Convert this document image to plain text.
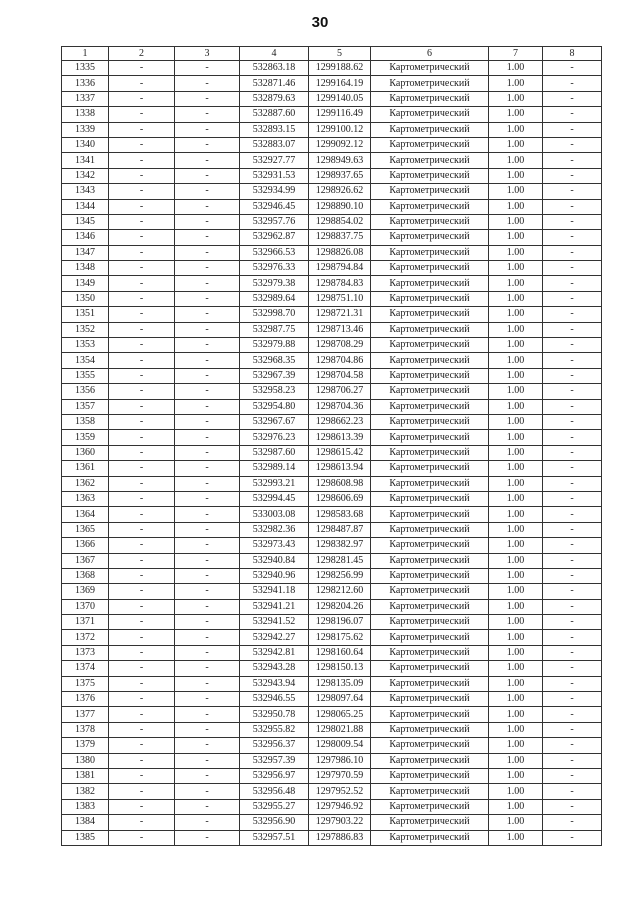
30
1	2	3	4	5	6	7	8
1335	-	-	532863.18	1299188.62	Картометрический	1.00	-
1336	-	-	532871.46	1299164.19	Картометрический	1.00	-
1337	-	-	532879.63	1299140.05	Картометрический	1.00	-
1338	-	-	532887.60	1299116.49	Картометрический	1.00	-
1339	-	-	532893.15	1299100.12	Картометрический	1.00	-
1340	-	-	532883.07	1299092.12	Картометрический	1.00	-
1341	-	-	532927.77	1298949.63	Картометрический	1.00	-
1342	-	-	532931.53	1298937.65	Картометрический	1.00	-
1343	-	-	532934.99	1298926.62	Картометрический	1.00	-
1344	-	-	532946.45	1298890.10	Картометрический	1.00	-
1345	-	-	532957.76	1298854.02	Картометрический	1.00	-
1346	-	-	532962.87	1298837.75	Картометрический	1.00	-
1347	-	-	532966.53	1298826.08	Картометрический	1.00	-
1348	-	-	532976.33	1298794.84	Картометрический	1.00	-
1349	-	-	532979.38	1298784.83	Картометрический	1.00	-
1350	-	-	532989.64	1298751.10	Картометрический	1.00	-
1351	-	-	532998.70	1298721.31	Картометрический	1.00	-
1352	-	-	532987.75	1298713.46	Картометрический	1.00	-
1353	-	-	532979.88	1298708.29	Картометрический	1.00	-
1354	-	-	532968.35	1298704.86	Картометрический	1.00	-
1355	-	-	532967.39	1298704.58	Картометрический	1.00	-
1356	-	-	532958.23	1298706.27	Картометрический	1.00	-
1357	-	-	532954.80	1298704.36	Картометрический	1.00	-
1358	-	-	532967.67	1298662.23	Картометрический	1.00	-
1359	-	-	532976.23	1298613.39	Картометрический	1.00	-
1360	-	-	532987.60	1298615.42	Картометрический	1.00	-
1361	-	-	532989.14	1298613.94	Картометрический	1.00	-
1362	-	-	532993.21	1298608.98	Картометрический	1.00	-
1363	-	-	532994.45	1298606.69	Картометрический	1.00	-
1364	-	-	533003.08	1298583.68	Картометрический	1.00	-
1365	-	-	532982.36	1298487.87	Картометрический	1.00	-
1366	-	-	532973.43	1298382.97	Картометрический	1.00	-
1367	-	-	532940.84	1298281.45	Картометрический	1.00	-
1368	-	-	532940.96	1298256.99	Картометрический	1.00	-
1369	-	-	532941.18	1298212.60	Картометрический	1.00	-
1370	-	-	532941.21	1298204.26	Картометрический	1.00	-
1371	-	-	532941.52	1298196.07	Картометрический	1.00	-
1372	-	-	532942.27	1298175.62	Картометрический	1.00	-
1373	-	-	532942.81	1298160.64	Картометрический	1.00	-
1374	-	-	532943.28	1298150.13	Картометрический	1.00	-
1375	-	-	532943.94	1298135.09	Картометрический	1.00	-
1376	-	-	532946.55	1298097.64	Картометрический	1.00	-
1377	-	-	532950.78	1298065.25	Картометрический	1.00	-
1378	-	-	532955.82	1298021.88	Картометрический	1.00	-
1379	-	-	532956.37	1298009.54	Картометрический	1.00	-
1380	-	-	532957.39	1297986.10	Картометрический	1.00	-
1381	-	-	532956.97	1297970.59	Картометрический	1.00	-
1382	-	-	532956.48	1297952.52	Картометрический	1.00	-
1383	-	-	532955.27	1297946.92	Картометрический	1.00	-
1384	-	-	532956.90	1297903.22	Картометрический	1.00	-
1385	-	-	532957.51	1297886.83	Картометрический	1.00	-
